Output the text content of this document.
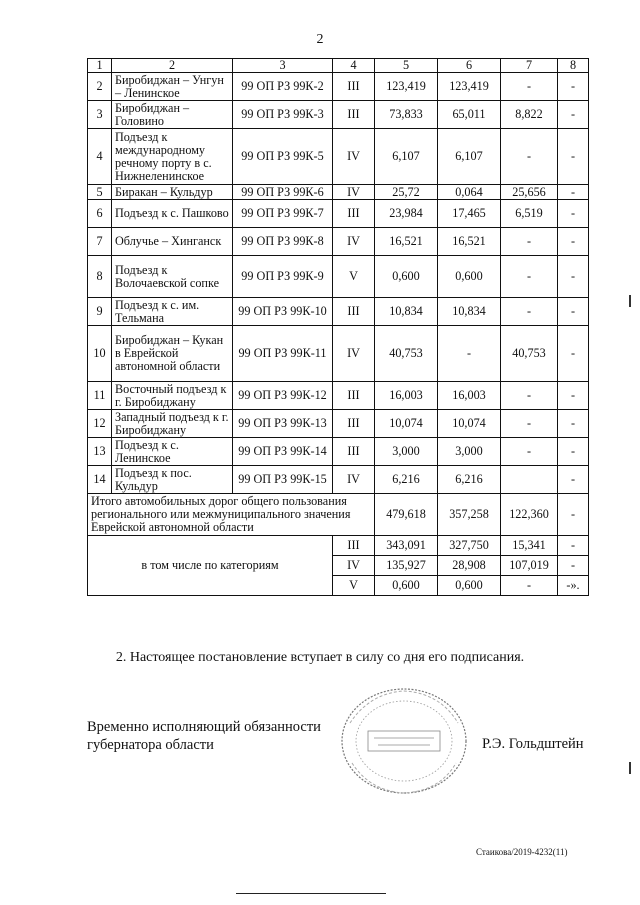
2
1	2	3	4	5	6	7	8
2	Биробиджан – Унгун – Ленинское	99 ОП РЗ 99К-2	III	123,419	123,419	-	-
3	Биробиджан – Головино	99 ОП РЗ 99К-3	III	73,833	65,011	8,822	-
4	Подъезд к международному речному порту в с. Нижнеленинское	99 ОП РЗ 99К-5	IV	6,107	6,107	-	-
5	Биракан – Кульдур	99 ОП РЗ 99К-6	IV	25,72	0,064	25,656	-
6	Подъезд к с. Пашково	99 ОП РЗ 99К-7	III	23,984	17,465	6,519	-
7	Облучье – Хинганск	99 ОП РЗ 99К-8	IV	16,521	16,521	-	-
8	Подъезд к Волочаевской сопке	99 ОП РЗ 99К-9	V	0,600	0,600	-	-
9	Подъезд к с. им. Тельмана	99 ОП РЗ 99К-10	III	10,834	10,834	-	-
10	Биробиджан – Кукан в Еврейской автономной области	99 ОП РЗ 99К-11	IV	40,753	-	40,753	-
11	Восточный подъезд к г. Биробиджану	99 ОП РЗ 99К-12	III	16,003	16,003	-	-
12	Западный подъезд к г. Биробиджану	99 ОП РЗ 99К-13	III	10,074	10,074	-	-
13	Подъезд к с. Ленинское	99 ОП РЗ 99К-14	III	3,000	3,000	-	-
14	Подъезд к пос. Кульдур	99 ОП РЗ 99К-15	IV	6,216	6,216		-
Итого автомобильных дорог общего пользования регионального или межмуниципального значения Еврейской автономной области				479,618	357,258	122,360	-
в том числе по категориям			III	343,091	327,750	15,341	-
			IV	135,927	28,908	107,019	-
			V	0,600	0,600	-	-».
2. Настоящее постановление вступает в силу со дня его подписания.
Временно исполняющий обязанности
губернатора области	Р.Э. Гольдштейн
Стаикова/2019-4232(11)
